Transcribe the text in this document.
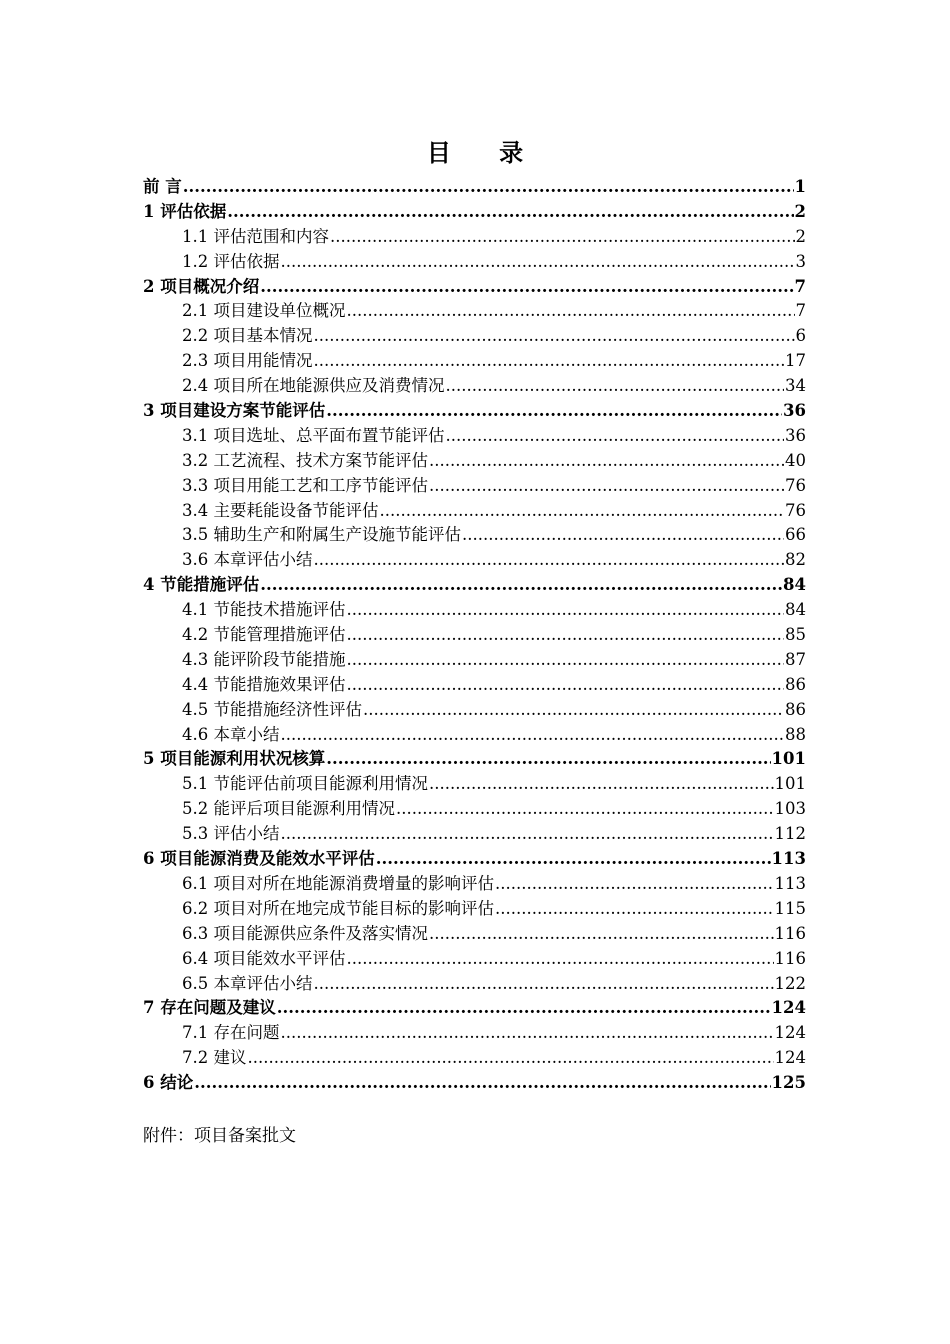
目 录
前 言 .....	1
1 评估依据 .....	2
1.1 评估范围和内容 .....	2
1.2 评估依据 .....	3
2 项目概况介绍 .....	7
2.1 项目建设单位概况 .....	7
2.2 项目基本情况 .....	6
2.3 项目用能情况 .....	17
2.4 项目所在地能源供应及消费情况 .....	34
3 项目建设方案节能评估 .....	36
3.1 项目选址、总平面布置节能评估 .....	36
3.2 工艺流程、技术方案节能评估 .....	40
3.3 项目用能工艺和工序节能评估 .....	76
3.4 主要耗能设备节能评估 .....	76
3.5 辅助生产和附属生产设施节能评估 .....	66
3.6 本章评估小结 .....	82
4 节能措施评估 .....	84
4.1 节能技术措施评估 .....	84
4.2 节能管理措施评估 .....	85
4.3 能评阶段节能措施 .....	87
4.4 节能措施效果评估 .....	86
4.5 节能措施经济性评估 .....	86
4.6 本章小结 .....	88
5 项目能源利用状况核算 .....	101
5.1 节能评估前项目能源利用情况 .....	101
5.2 能评后项目能源利用情况 .....	103
5.3 评估小结 .....	112
6 项目能源消费及能效水平评估 .....	113
6.1 项目对所在地能源消费增量的影响评估 .....	113
6.2 项目对所在地完成节能目标的影响评估 .....	115
6.3 项目能源供应条件及落实情况 .....	116
6.4 项目能效水平评估 .....	116
6.5 本章评估小结 .....	122
7 存在问题及建议 .....	124
7.1 存在问题 .....	124
7.2 建议 .....	124
6 结论 .....	125
附件：项目备案批文
